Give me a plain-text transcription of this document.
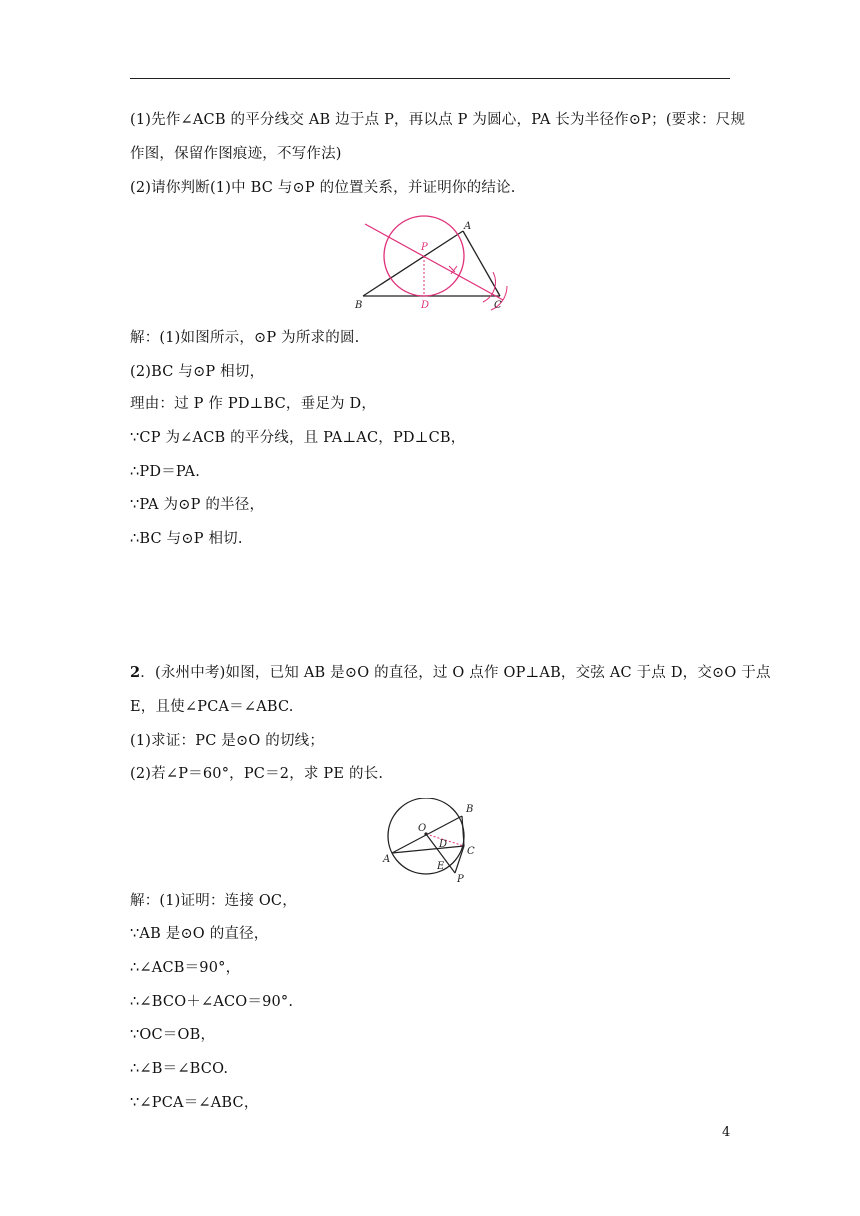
(1)先作∠ACB 的平分线交 AB 边于点 P，再以点 P 为圆心，PA 长为半径作⊙P；(要求：尺规
作图，保留作图痕迹，不写作法)
(2)请你判断(1)中 BC 与⊙P 的位置关系，并证明你的结论.
A
P
B	D	C
解：(1)如图所示，⊙P 为所求的圆.
(2)BC 与⊙P 相切，
理由：过 P 作 PD⊥BC，垂足为 D，
∵CP 为∠ACB 的平分线，且 PA⊥AC，PD⊥CB，
∴PD＝PA.
∵PA 为⊙P 的半径，
∴BC 与⊙P 相切.
2．(永州中考)如图，已知 AB 是⊙O 的直径，过 O 点作 OP⊥AB，交弦 AC 于点 D，交⊙O 于点
E，且使∠PCA＝∠ABC.
(1)求证：PC 是⊙O 的切线；
(2)若∠P＝60°，PC＝2，求 PE 的长.
B
O
D
A
C
E
P
解：(1)证明：连接 OC，
∵AB 是⊙O 的直径，
∴∠ACB＝90°，
∴∠BCO＋∠ACO＝90°.
∵OC＝OB，
∴∠B＝∠BCO.
∵∠PCA＝∠ABC，
4
